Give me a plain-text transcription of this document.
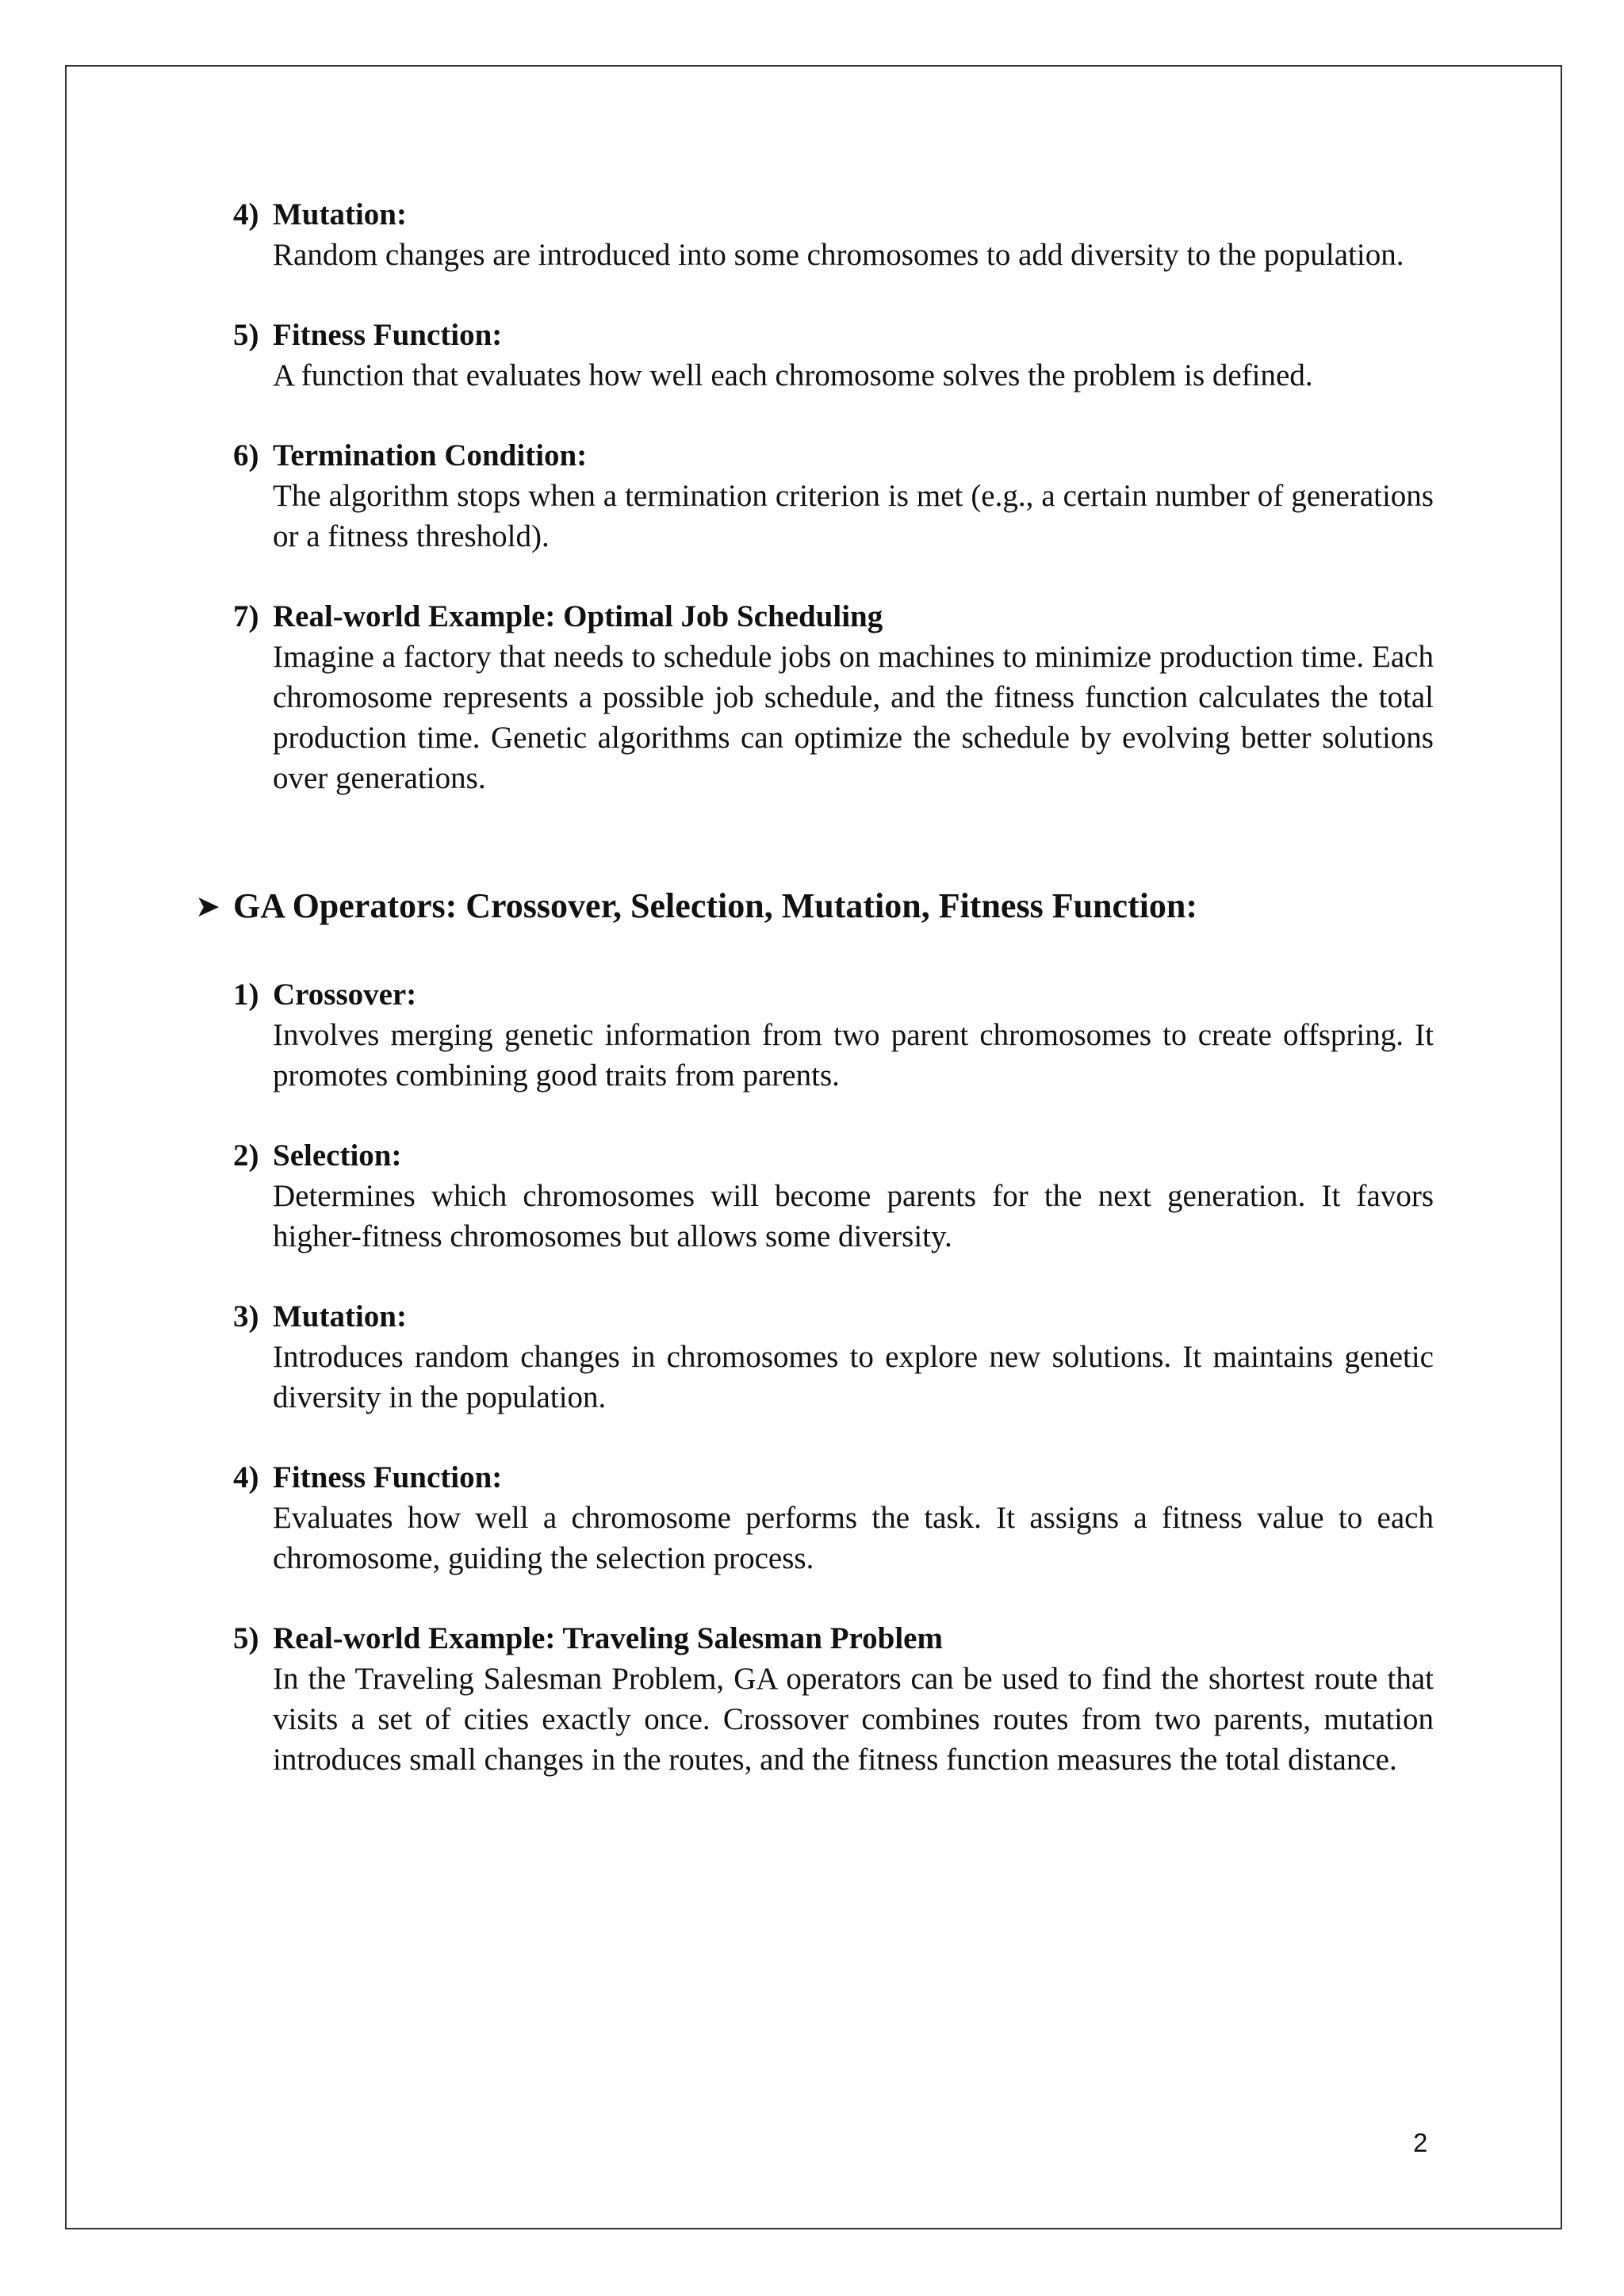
4) Mutation:

Random changes are introduced into some chromosomes to add diversity to the population.

5) Fitness Function:

A function that evaluates how well each chromosome solves the problem is defined.

6) Termination Condition:

The algorithm stops when a termination criterion is met (e.g., a certain number of generations or a fitness threshold).

7) Real-world Example: Optimal Job Scheduling

Imagine a factory that needs to schedule jobs on machines to minimize production time. Each chromosome represents a possible job schedule, and the fitness function calculates the total production time. Genetic algorithms can optimize the schedule by evolving better solutions over generations.

➤ GA Operators: Crossover, Selection, Mutation, Fitness Function:
1) Crossover:

Involves merging genetic information from two parent chromosomes to create offspring. It promotes combining good traits from parents.

2) Selection:

Determines which chromosomes will become parents for the next generation. It favors higher-fitness chromosomes but allows some diversity.

3) Mutation:

Introduces random changes in chromosomes to explore new solutions. It maintains genetic diversity in the population.

4) Fitness Function:

Evaluates how well a chromosome performs the task. It assigns a fitness value to each chromosome, guiding the selection process.

5) Real-world Example: Traveling Salesman Problem

In the Traveling Salesman Problem, GA operators can be used to find the shortest route that visits a set of cities exactly once. Crossover combines routes from two parents, mutation introduces small changes in the routes, and the fitness function measures the total distance.

2
